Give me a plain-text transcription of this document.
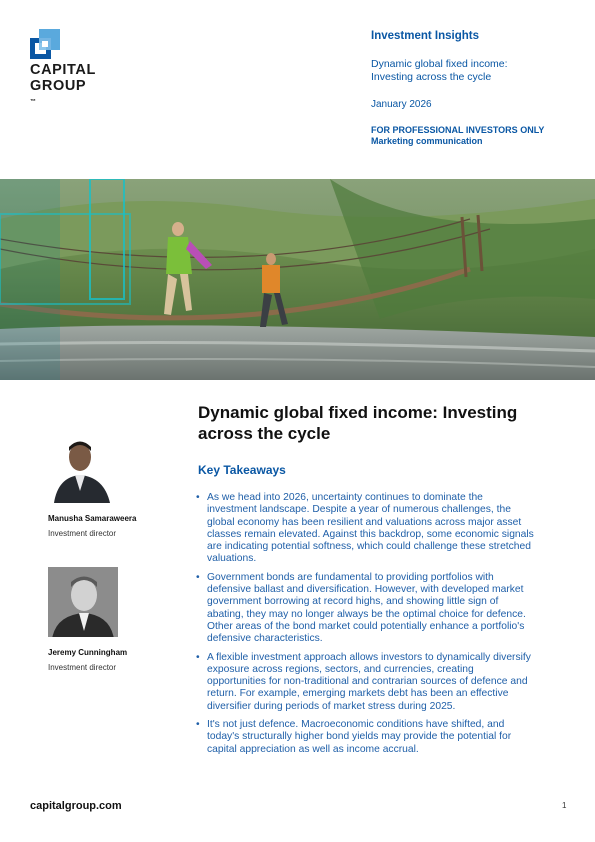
CAPITAL
GROUP
™
Investment Insights
Dynamic global fixed income:
Investing across the cycle
January 2026
FOR PROFESSIONAL INVESTORS ONLY
Marketing communication
Dynamic global fixed income: Investing
across the cycle
Key Takeaways
• As we head into 2026, uncertainty continues to dominate the
investment landscape. Despite a year of numerous challenges, the
global economy has been resilient and valuations across major asset
classes remain elevated. Against this backdrop, some economic signals
are indicating potential softness, which could challenge these stretched
valuations.
• Government bonds are fundamental to providing portfolios with
defensive ballast and diversification. However, with developed market
government borrowing at record highs, and showing little sign of
abating, they may no longer always be the optimal choice for defence.
Other areas of the bond market could potentially enhance a portfolio's
defensive characteristics.
• A flexible investment approach allows investors to dynamically diversify
exposure across regions, sectors, and currencies, creating
opportunities for non-traditional and contrarian sources of defence and
return. For example, emerging markets debt has been an effective
diversifier during periods of market stress during 2025.
• It's not just defence. Macroeconomic conditions have shifted, and
today's structurally higher bond yields may provide the potential for
capital appreciation as well as income accrual.
Manusha Samaraweera
Investment director
Jeremy Cunningham
Investment director
capitalgroup.com	1
